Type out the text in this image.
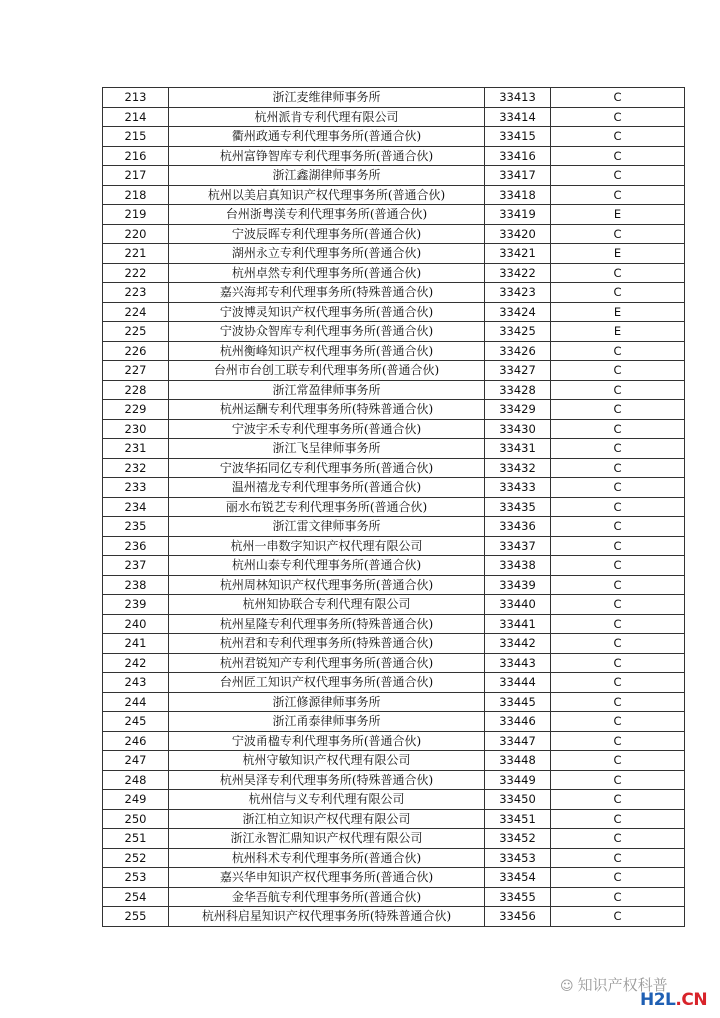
213	浙江麦维律师事务所	33413	C
214	杭州派肯专利代理有限公司	33414	C
215	衢州政通专利代理事务所(普通合伙)	33415	C
216	杭州富铮智库专利代理事务所(普通合伙)	33416	C
217	浙江鑫湖律师事务所	33417	C
218	杭州以美启真知识产权代理事务所(普通合伙)	33418	C
219	台州浙粤渼专利代理事务所(普通合伙)	33419	E
220	宁波辰晖专利代理事务所(普通合伙)	33420	C
221	湖州永立专利代理事务所(普通合伙)	33421	E
222	杭州卓然专利代理事务所(普通合伙)	33422	C
223	嘉兴海邦专利代理事务所(特殊普通合伙)	33423	C
224	宁波博灵知识产权代理事务所(普通合伙)	33424	E
225	宁波协众智库专利代理事务所(普通合伙)	33425	E
226	杭州衡峰知识产权代理事务所(普通合伙)	33426	C
227	台州市台创工联专利代理事务所(普通合伙)	33427	C
228	浙江常盈律师事务所	33428	C
229	杭州运酬专利代理事务所(特殊普通合伙)	33429	C
230	宁波宇禾专利代理事务所(普通合伙)	33430	C
231	浙江飞呈律师事务所	33431	C
232	宁波华拓同亿专利代理事务所(普通合伙)	33432	C
233	温州禧龙专利代理事务所(普通合伙)	33433	C
234	丽水布锐艺专利代理事务所(普通合伙)	33435	C
235	浙江雷文律师事务所	33436	C
236	杭州一串数字知识产权代理有限公司	33437	C
237	杭州山泰专利代理事务所(普通合伙)	33438	C
238	杭州周林知识产权代理事务所(普通合伙)	33439	C
239	杭州知协联合专利代理有限公司	33440	C
240	杭州星隆专利代理事务所(特殊普通合伙)	33441	C
241	杭州君和专利代理事务所(特殊普通合伙)	33442	C
242	杭州君锐知产专利代理事务所(普通合伙)	33443	C
243	台州匠工知识产权代理事务所(普通合伙)	33444	C
244	浙江修源律师事务所	33445	C
245	浙江甬泰律师事务所	33446	C
246	宁波甬楹专利代理事务所(普通合伙)	33447	C
247	杭州守敏知识产权代理有限公司	33448	C
248	杭州昊泽专利代理事务所(特殊普通合伙)	33449	C
249	杭州信与义专利代理有限公司	33450	C
250	浙江柏立知识产权代理有限公司	33451	C
251	浙江永智汇鼎知识产权代理有限公司	33452	C
252	杭州科术专利代理事务所(普通合伙)	33453	C
253	嘉兴华申知识产权代理事务所(普通合伙)	33454	C
254	金华吾航专利代理事务所(普通合伙)	33455	C
255	杭州科启星知识产权代理事务所(特殊普通合伙)	33456	C
☺ 知识产权科普
H2L.CN
